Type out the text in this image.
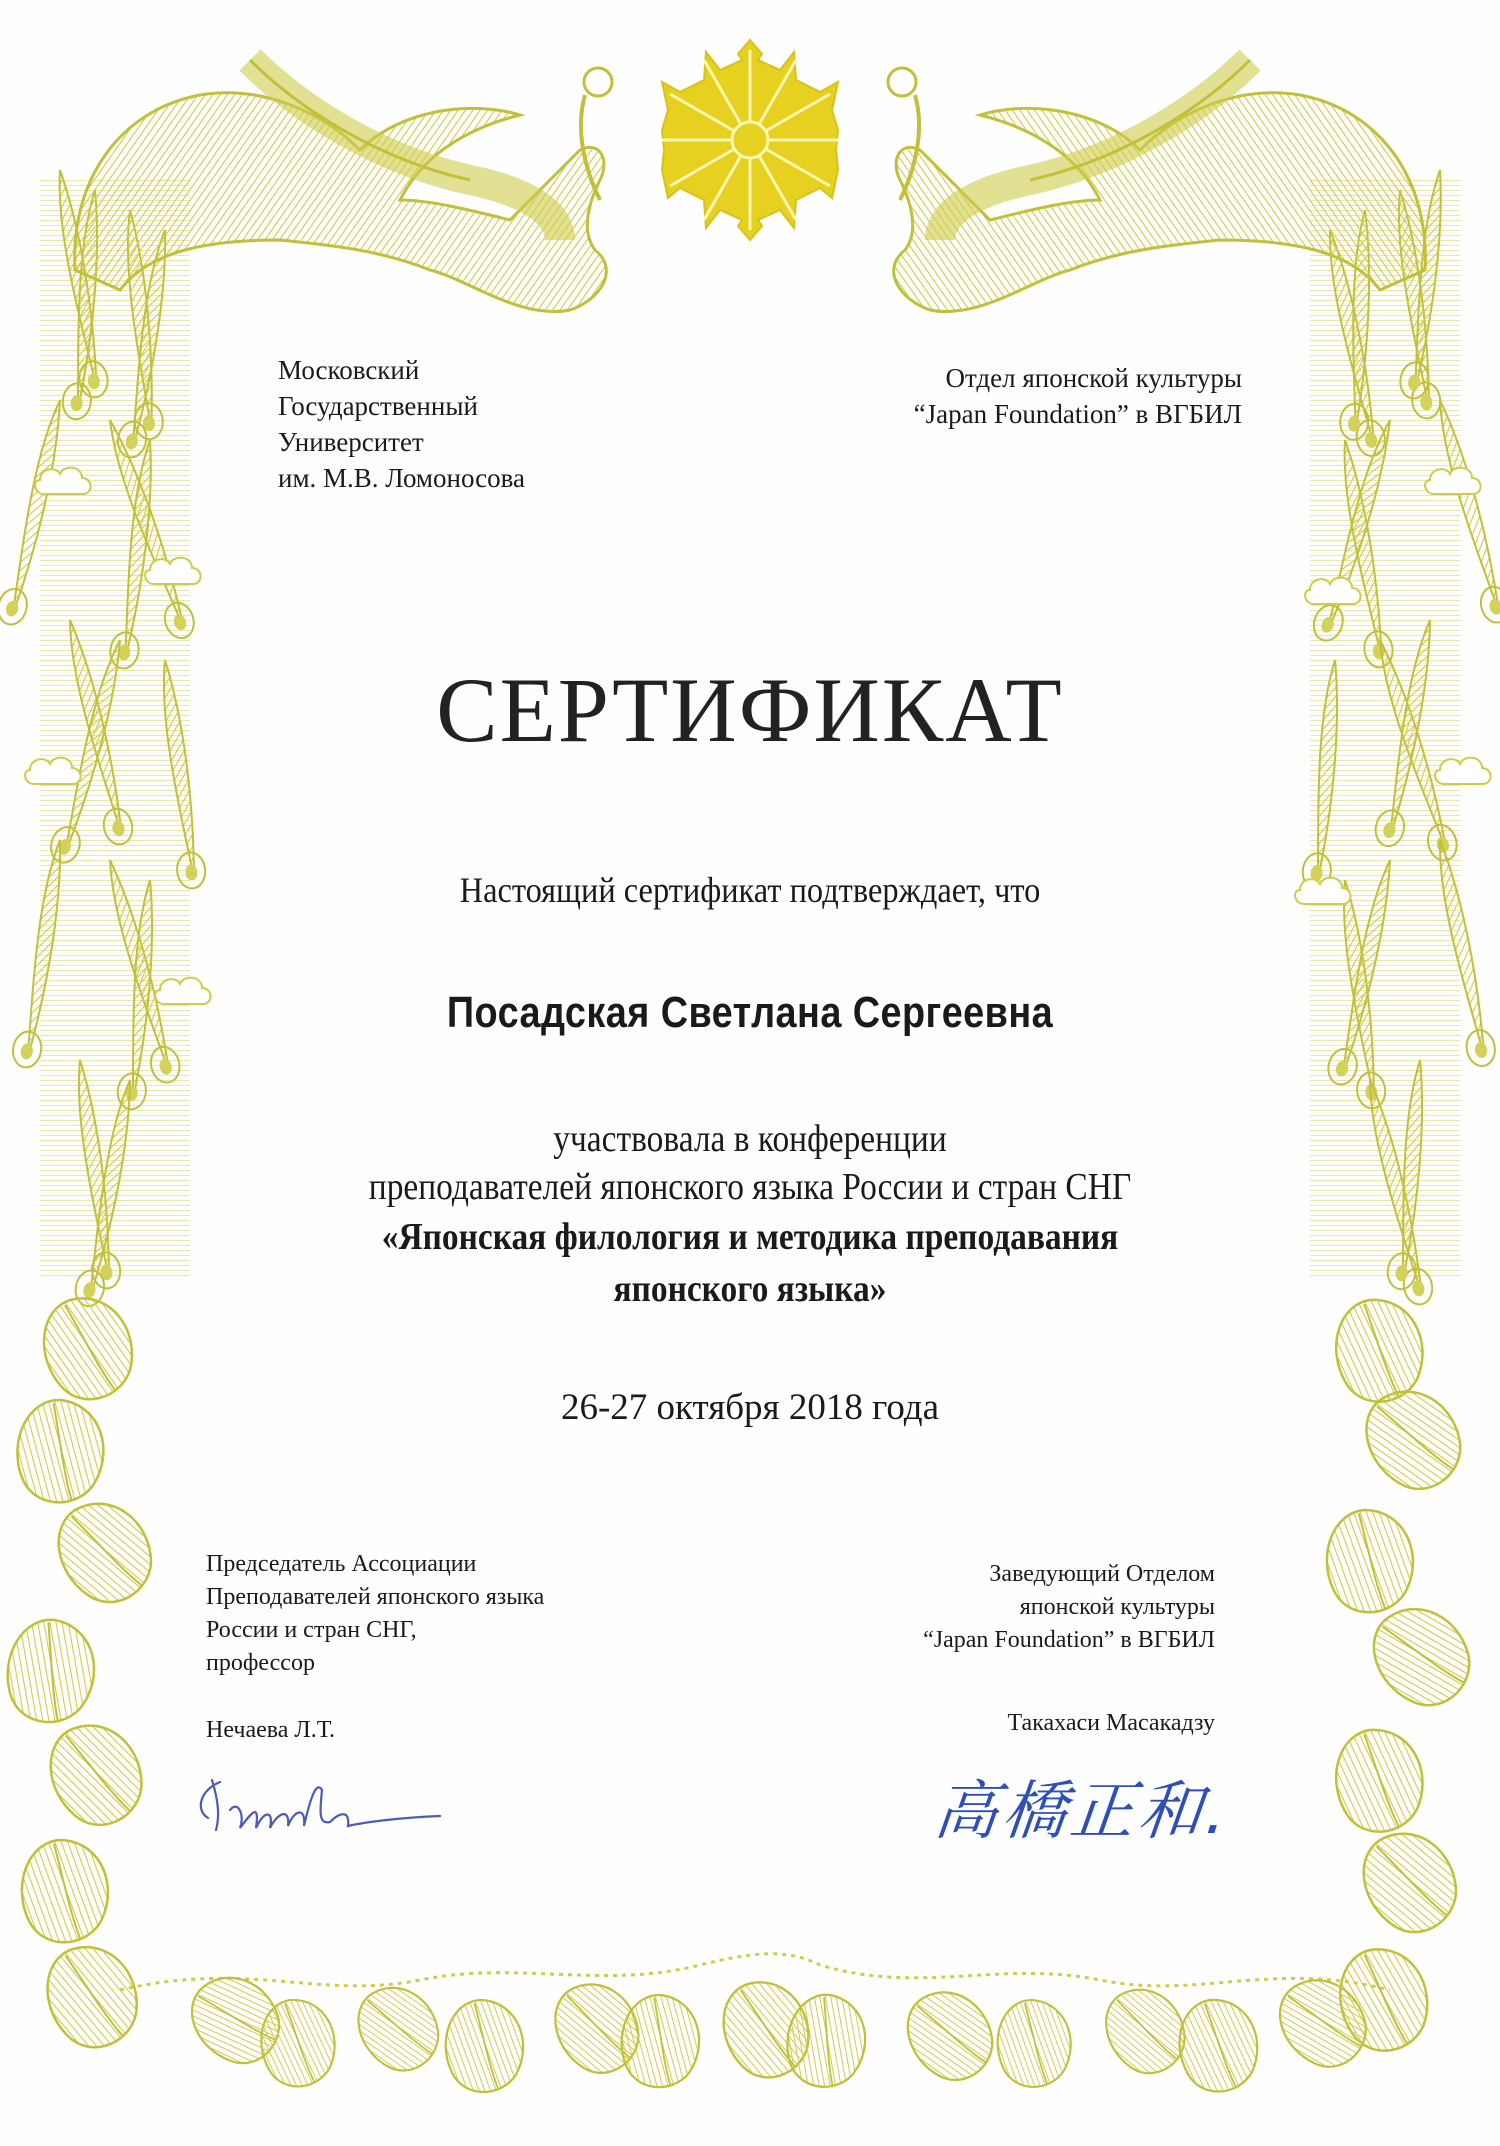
Московский
Государственный
Университет
им. М.В. Ломоносова
Отдел японской культуры
“Japan Foundation” в ВГБИЛ
СЕРТИФИКАТ
Настоящий сертификат подтверждает, что
Посадская Светлана Сергеевна
участвовала в конференции
преподавателей японского языка России и стран СНГ
«Японская филология и методика преподавания
японского языка»
26-27 октября 2018 года
Председатель Ассоциации
Преподавателей японского языка
России и стран СНГ,
профессор
Нечаева Л.Т.
Заведующий Отделом
японской культуры
“Japan Foundation” в ВГБИЛ
Такахаси Масакадзу
高橋正和.
